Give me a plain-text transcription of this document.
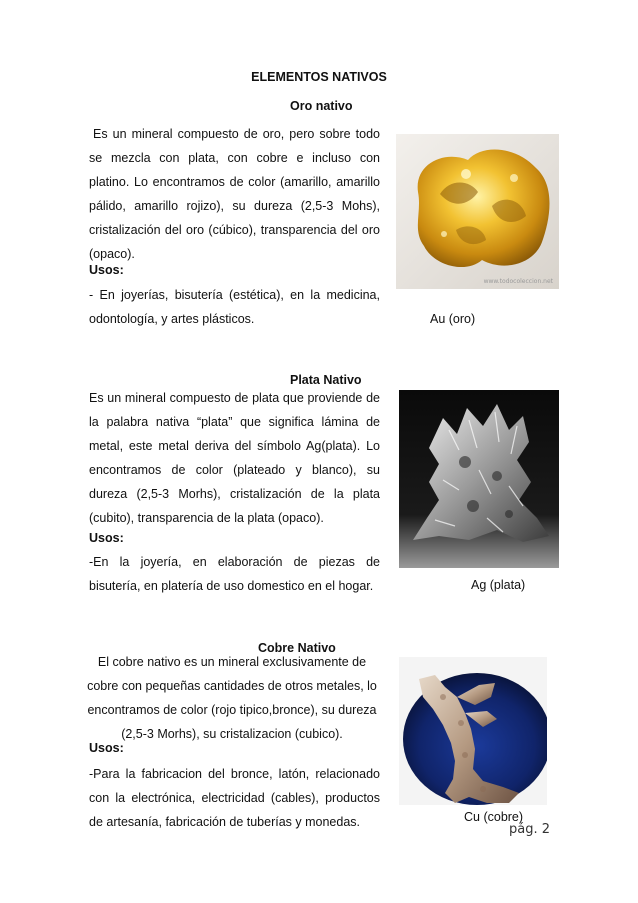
ELEMENTOS NATIVOS
Oro nativo

Es un mineral compuesto de oro, pero sobre todo se mezcla con plata, con cobre e incluso con platino. Lo encontramos de color (amarillo, amarillo pálido, amarillo rojizo), su dureza (2,5-3 Mohs), cristalización del oro (cúbico), transparencia del oro (opaco).

Usos:

- En joyerías, bisutería (estética), en la medicina, odontología, y artes plásticos.

www.todocoleccion.net
Au (oro)
Plata Nativo

Es un mineral compuesto de plata que proviende de la palabra nativa “plata” que significa lámina de metal, este metal deriva del símbolo Ag(plata). Lo encontramos de color (plateado y blanco), su dureza (2,5-3 Morhs), cristalización de la plata (cubito), transparencia de la plata (opaco).

Usos:

-En la joyería, en elaboración de piezas de bisutería, en platería de uso domestico en el hogar.	Ag (plata)
Cobre Nativo

El cobre nativo es un mineral exclusivamente de cobre con pequeñas cantidades de otros metales, lo encontramos de color (rojo tipico,bronce), su dureza (2,5-3 Morhs), su cristalizacion (cubico).

Usos:

-Para la fabricacion del bronce, latón, relacionado con la electrónica, electricidad (cables), productos de artesanía, fabricación de tuberías y monedas.	Cu (cobre)
pág. 2
